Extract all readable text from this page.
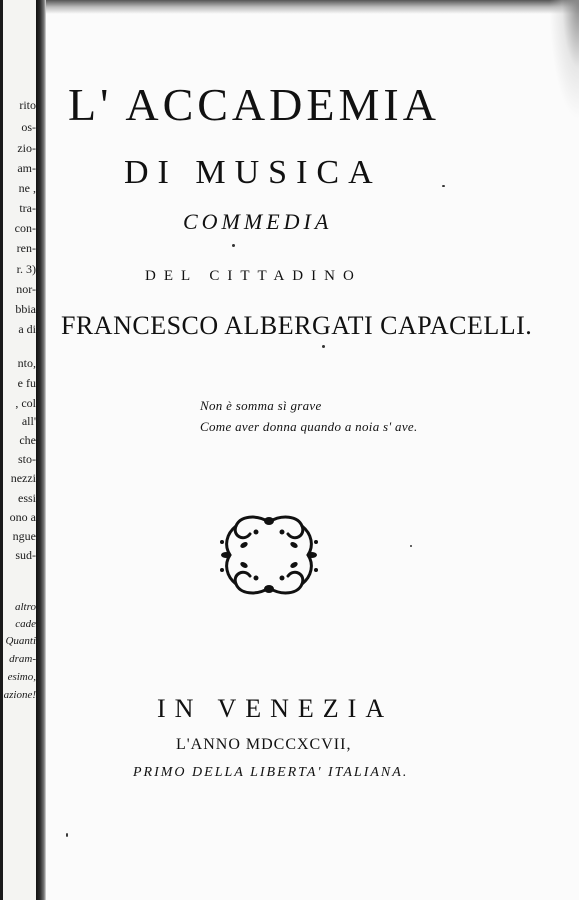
rito
os-
zio-
am-
ne ,
tra-
con-
ren-
r. 3)
nor-
bbia
a di
nto,
e fu
, col
all'
che
sto-
nezzi
essi
ono a
ngue
sud-
altro
cade
Quanti
dram-
esimo,
azione!
L' ACCADEMIA
DI MUSICA
COMMEDIA
DEL CITTADINO
FRANCESCO ALBERGATI CAPACELLI.
Non è somma sì grave
Come aver donna quando a noia s' ave.
IN VENEZIA
L'ANNO MDCCXCVII,
PRIMO DELLA LIBERTA' ITALIANA.
